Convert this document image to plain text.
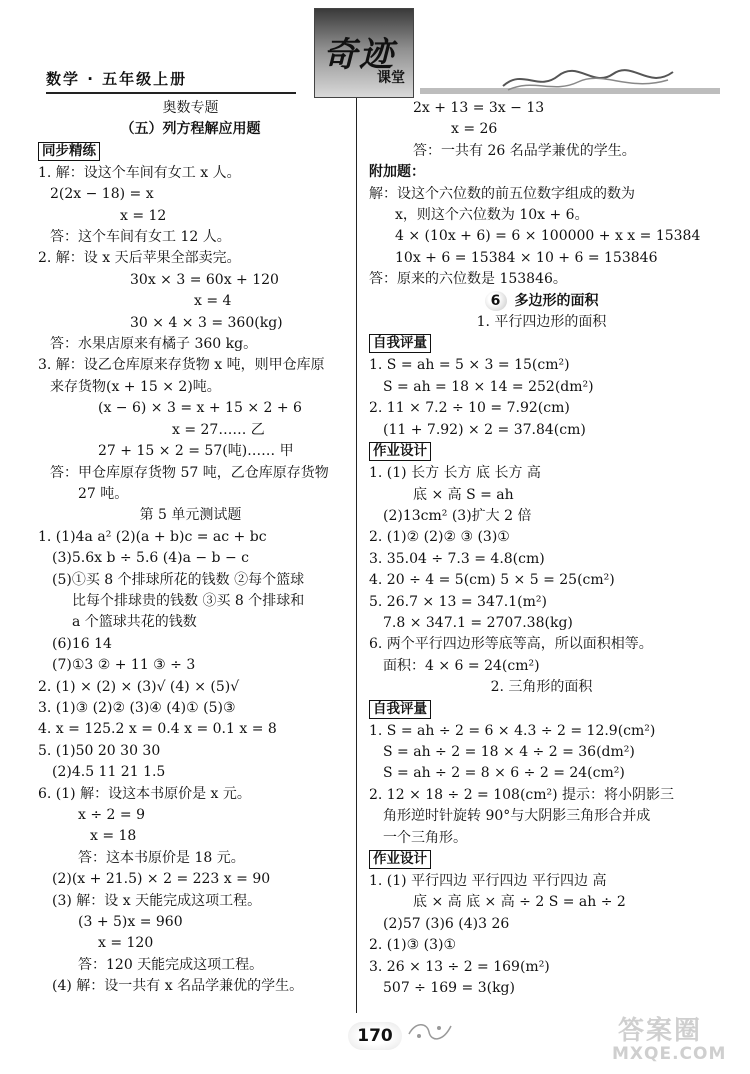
数学 · 五年级上册
奇迹
课堂
奥数专题
（五）列方程解应用题
同步精练
1. 解：设这个车间有女工 x 人。
2(2x − 18) = x
x = 12
答：这个车间有女工 12 人。
2. 解：设 x 天后苹果全部卖完。
30x × 3 = 60x + 120
x = 4
30 × 4 × 3 = 360(kg)
答：水果店原来有橘子 360 kg。
3. 解：设乙仓库原来存货物 x 吨，则甲仓库原
来存货物(x + 15 × 2)吨。
(x − 6) × 3 = x + 15 × 2 + 6
x = 27…… 乙
27 + 15 × 2 = 57(吨)…… 甲
答：甲仓库原存货物 57 吨，乙仓库原存货物
27 吨。
第 5 单元测试题
1. (1)4a a² (2)(a + b)c = ac + bc
(3)5.6x b ÷ 5.6 (4)a − b − c
(5)①买 8 个排球所花的钱数 ②每个篮球
比每个排球贵的钱数 ③买 8 个排球和
a 个篮球共花的钱数
(6)16 14
(7)①3 ② + 11 ③ ÷ 3
2. (1) × (2) × (3)√ (4) × (5)√
3. (1)③ (2)② (3)④ (4)① (5)③
4. x = 125.2 x = 0.4 x = 0.1 x = 8
5. (1)50 20 30 30
(2)4.5 11 21 1.5
6. (1) 解：设这本书原价是 x 元。
x ÷ 2 = 9
x = 18
答：这本书原价是 18 元。
(2)(x + 21.5) × 2 = 223 x = 90
(3) 解：设 x 天能完成这项工程。
(3 + 5)x = 960
x = 120
答：120 天能完成这项工程。
(4) 解：设一共有 x 名品学兼优的学生。
2x + 13 = 3x − 13
x = 26
答：一共有 26 名品学兼优的学生。
附加题：
解：设这个六位数的前五位数字组成的数为
x，则这个六位数为 10x + 6。
4 × (10x + 6) = 6 × 100000 + x x = 15384
10x + 6 = 15384 × 10 + 6 = 153846
答：原来的六位数是 153846。
6 多边形的面积
1. 平行四边形的面积
自我评量
1. S = ah = 5 × 3 = 15(cm²)
S = ah = 18 × 14 = 252(dm²)
2. 11 × 7.2 ÷ 10 = 7.92(cm)
(11 + 7.92) × 2 = 37.84(cm)
作业设计
1. (1) 长方 长方 底 长方 高
底 × 高 S = ah
(2)13cm² (3)扩大 2 倍
2. (1)② (2)② ③ (3)①
3. 35.04 ÷ 7.3 = 4.8(cm)
4. 20 ÷ 4 = 5(cm) 5 × 5 = 25(cm²)
5. 26.7 × 13 = 347.1(m²)
7.8 × 347.1 = 2707.38(kg)
6. 两个平行四边形等底等高，所以面积相等。
面积：4 × 6 = 24(cm²)
2. 三角形的面积
自我评量
1. S = ah ÷ 2 = 6 × 4.3 ÷ 2 = 12.9(cm²)
S = ah ÷ 2 = 18 × 4 ÷ 2 = 36(dm²)
S = ah ÷ 2 = 8 × 6 ÷ 2 = 24(cm²)
2. 12 × 18 ÷ 2 = 108(cm²) 提示：将小阴影三
角形逆时针旋转 90°与大阴影三角形合并成
一个三角形。
作业设计
1. (1) 平行四边 平行四边 平行四边 高
底 × 高 底 × 高 ÷ 2 S = ah ÷ 2
(2)57 (3)6 (4)3 26
2. (1)③ (3)①
3. 26 × 13 ÷ 2 = 169(m²)
507 ÷ 169 = 3(kg)
170	答案圈
MXQE.COM
